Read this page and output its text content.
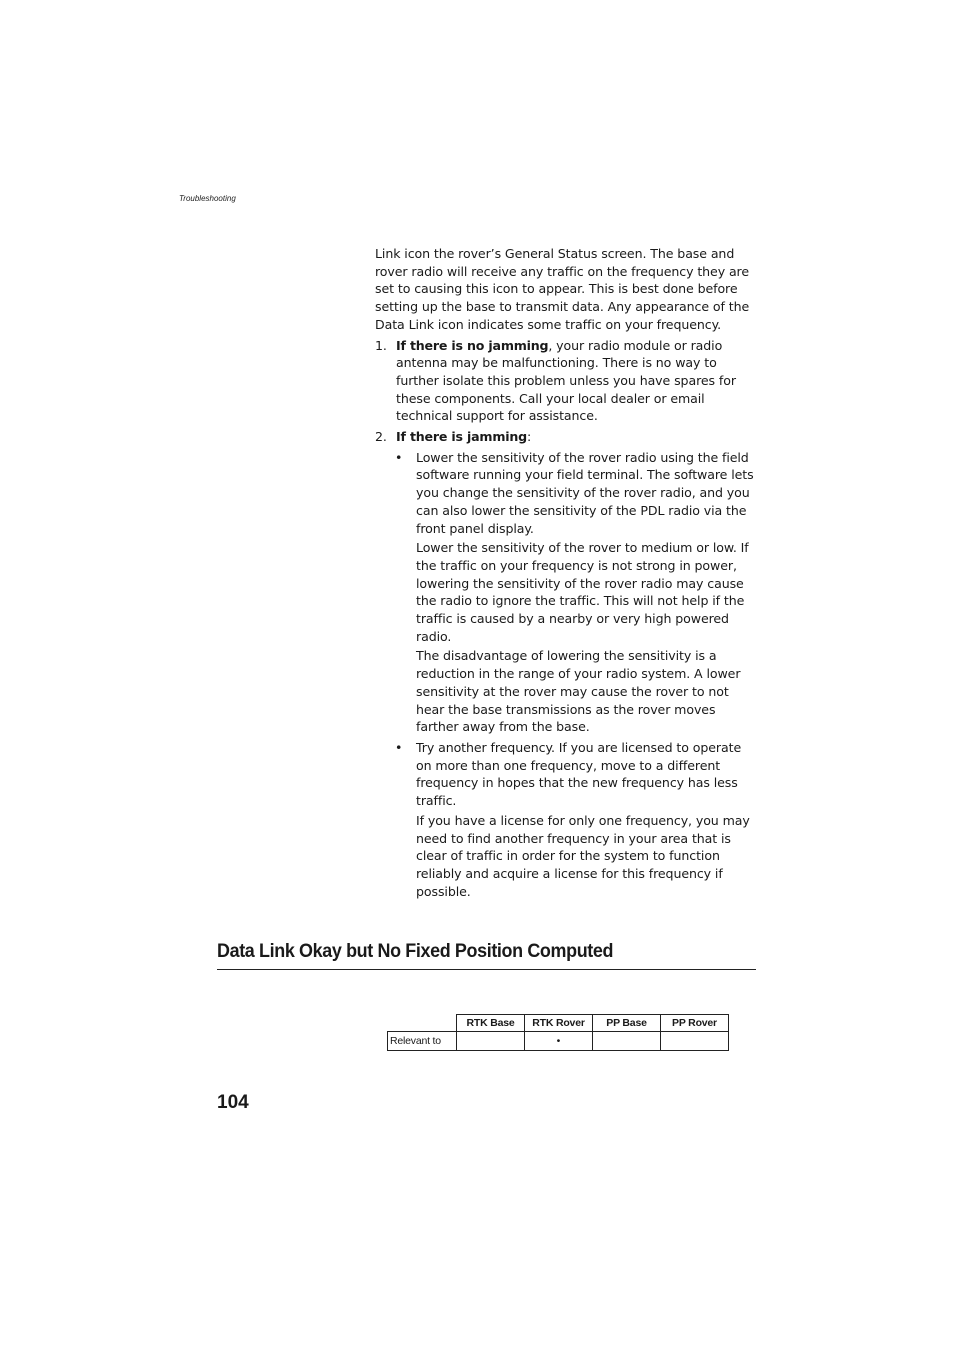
Troubleshooting

Link icon the rover’s General Status screen. The base and rover radio will receive any traffic on the frequency they are set to causing this icon to appear. This is best done before setting up the base to transmit data. Any appearance of the Data Link icon indicates some traffic on your frequency.

1. If there is no jamming, your radio module or radio antenna may be malfunctioning. There is no way to further isolate this problem unless you have spares for these components. Call your local dealer or email technical support for assistance.
2. If there is jamming:
• Lower the sensitivity of the rover radio using the field software running your field terminal. The software lets you change the sensitivity of the rover radio, and you can also lower the sensitivity of the PDL radio via the front panel display.

Lower the sensitivity of the rover to medium or low. If the traffic on your frequency is not strong in power, lowering the sensitivity of the rover radio may cause the radio to ignore the traffic. This will not help if the traffic is caused by a nearby or very high powered radio.

The disadvantage of lowering the sensitivity is a reduction in the range of your radio system. A lower sensitivity at the rover may cause the rover to not hear the base transmissions as the rover moves farther away from the base.

• Try another frequency. If you are licensed to operate on more than one frequency, move to a different frequency in hopes that the new frequency has less traffic.

If you have a license for only one frequency, you may need to find another frequency in your area that is clear of traffic in order for the system to function reliably and acquire a license for this frequency if possible.

Data Link Okay but No Fixed Position Computed
	RTK Base	RTK Rover	PP Base	PP Rover
Relevant to		•		
104
